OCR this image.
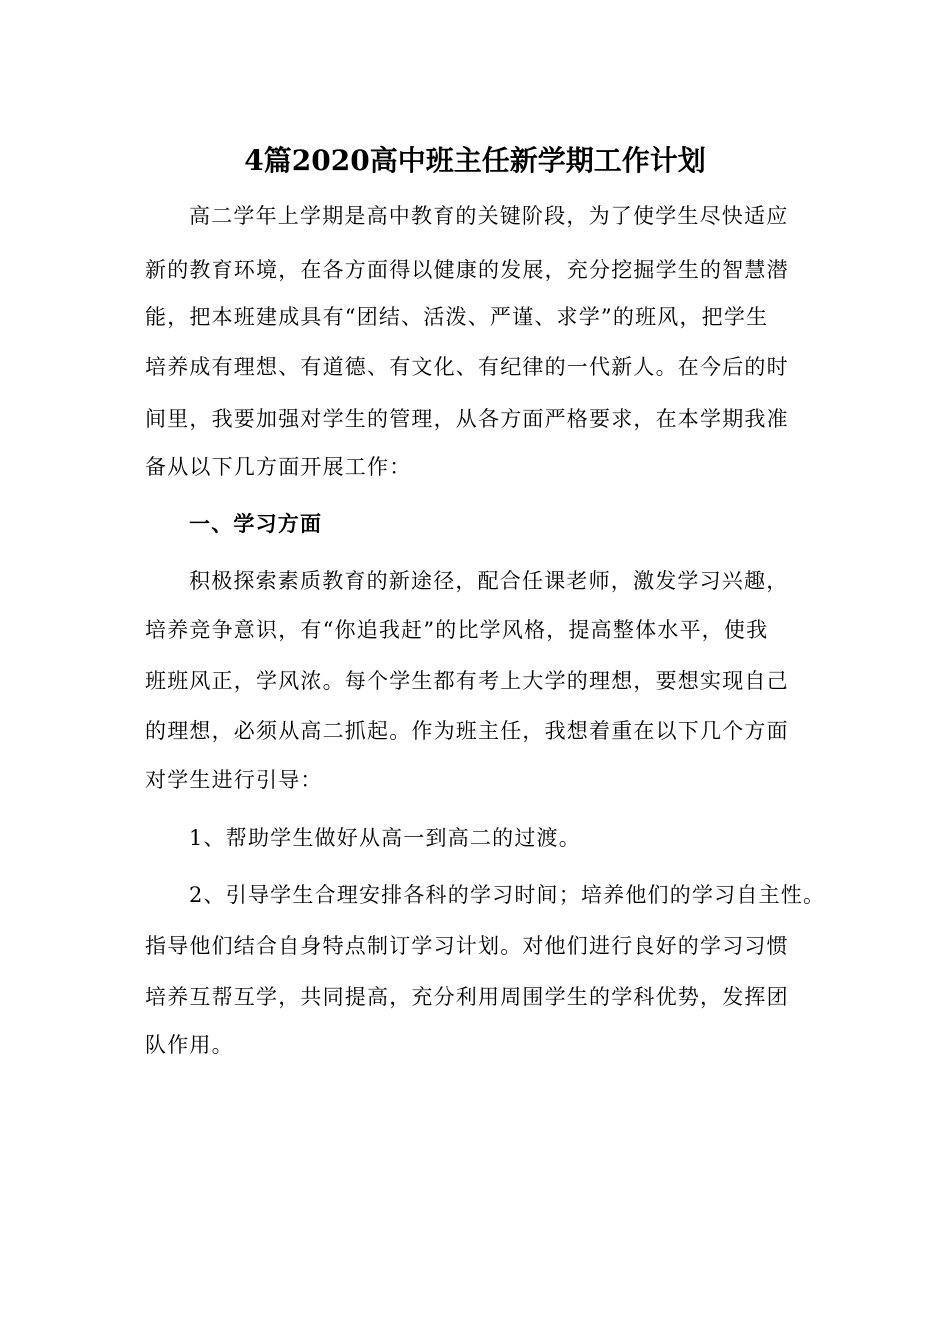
4篇2020高中班主任新学期工作计划
高二学年上学期是高中教育的关键阶段，为了使学生尽快适应
新的教育环境，在各方面得以健康的发展，充分挖掘学生的智慧潜
能，把本班建成具有“团结、活泼、严谨、求学”的班风，把学生
培养成有理想、有道德、有文化、有纪律的一代新人。在今后的时
间里，我要加强对学生的管理，从各方面严格要求，在本学期我准
备从以下几方面开展工作：
一、学习方面
积极探索素质教育的新途径，配合任课老师，激发学习兴趣，
培养竞争意识，有“你追我赶”的比学风格，提高整体水平，使我
班班风正，学风浓。每个学生都有考上大学的理想，要想实现自己
的理想，必须从高二抓起。作为班主任，我想着重在以下几个方面
对学生进行引导：
1、帮助学生做好从高一到高二的过渡。
2、引导学生合理安排各科的学习时间；培养他们的学习自主性。
指导他们结合自身特点制订学习计划。对他们进行良好的学习习惯
培养互帮互学，共同提高，充分利用周围学生的学科优势，发挥团
队作用。
